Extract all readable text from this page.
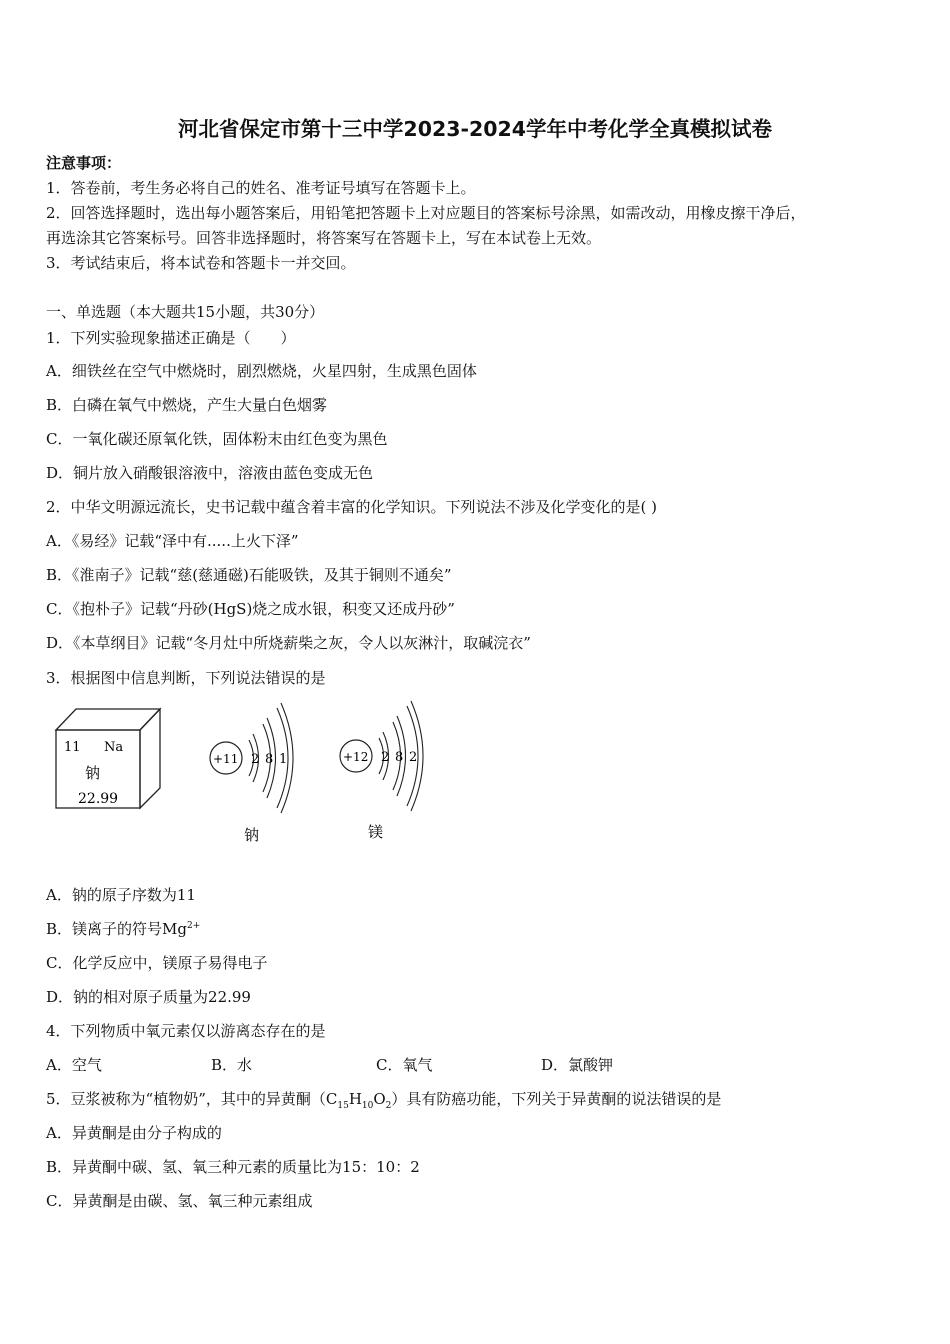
河北省保定市第十三中学2023-2024学年中考化学全真模拟试卷
注意事项：
1．答卷前，考生务必将自己的姓名、准考证号填写在答题卡上。
2．回答选择题时，选出每小题答案后，用铅笔把答题卡上对应题目的答案标号涂黑，如需改动，用橡皮擦干净后，
再选涂其它答案标号。回答非选择题时，将答案写在答题卡上，写在本试卷上无效。
3．考试结束后，将本试卷和答题卡一并交回。
一、单选题（本大题共15小题，共30分）
1．下列实验现象描述正确是（　　）
A．细铁丝在空气中燃烧时，剧烈燃烧，火星四射，生成黑色固体
B．白磷在氧气中燃烧，产生大量白色烟雾
C．一氧化碳还原氧化铁，固体粉末由红色变为黑色
D．铜片放入硝酸银溶液中，溶液由蓝色变成无色
2．中华文明源远流长，史书记载中蕴含着丰富的化学知识。下列说法不涉及化学变化的是( )
A．《易经》记载“泽中有.....上火下泽”
B．《淮南子》记载“慈(慈通磁)石能吸铁，及其于铜则不通矣”
C．《抱朴子》记载“丹砂(HgS)烧之成水银，积变又还成丹砂”
D．《本草纲目》记载“冬月灶中所烧薪柴之灰，令人以灰淋汁，取碱浣衣”
3．根据图中信息判断，下列说法错误的是
11 Na
钠
22.99
+11 2 8 1
钠
+12 2 8 2
镁
A．钠的原子序数为11
B．镁离子的符号$Mg^{2+}$
C．化学反应中，镁原子易得电子
D．钠的相对原子质量为22.99
4．下列物质中氧元素仅以游离态存在的是
A．空气	B．水	C．氧气	D．氯酸钾
5．豆浆被称为“植物奶”，其中的异黄酮$(C_{15}H_{10}O_2)$具有防癌功能，下列关于异黄酮的说法错误的是
A．异黄酮是由分子构成的
B．异黄酮中碳、氢、氧三种元素的质量比为15：10：2
C．异黄酮是由碳、氢、氧三种元素组成
